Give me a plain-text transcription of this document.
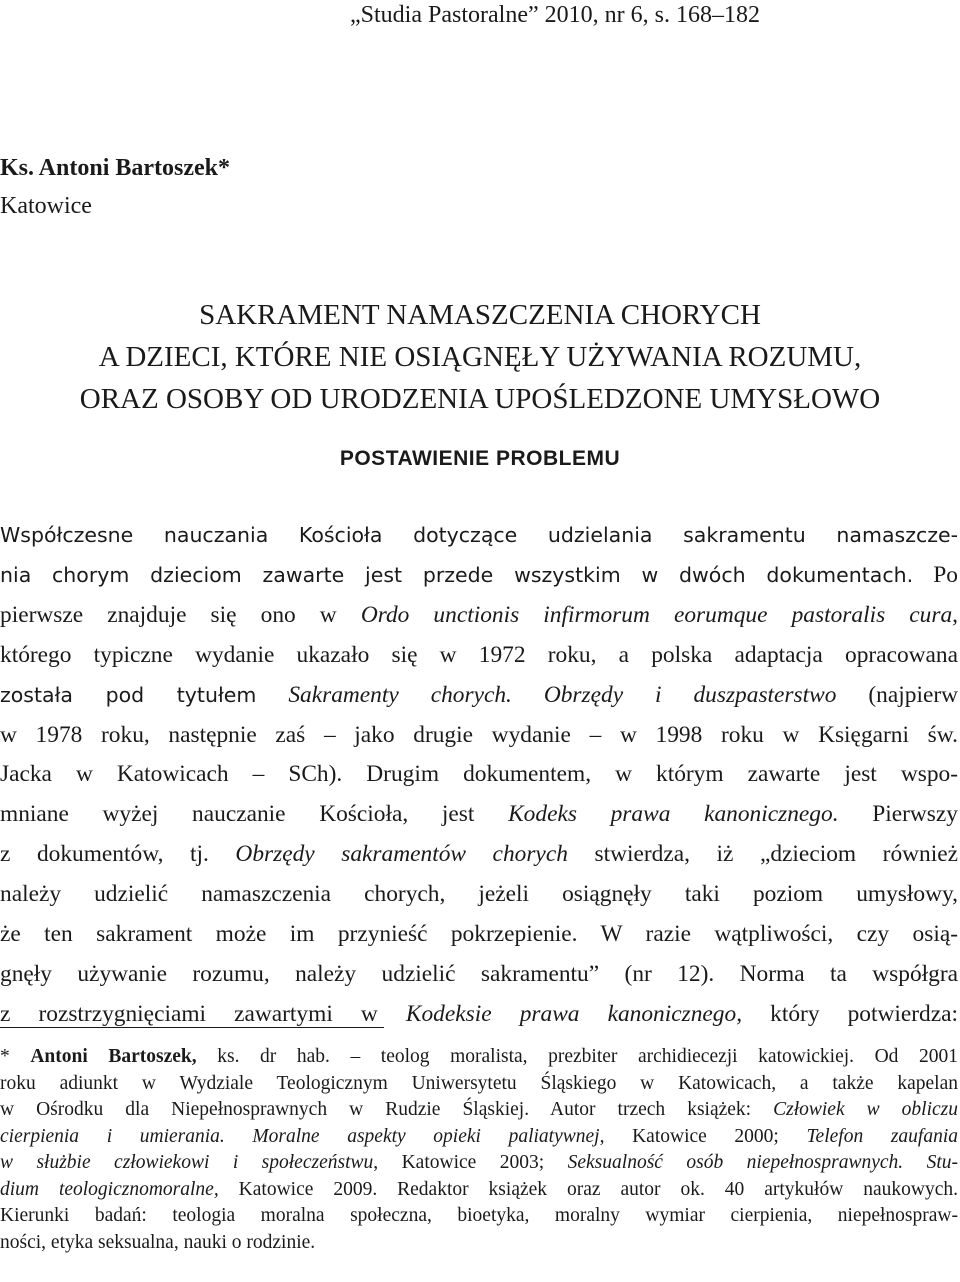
„Studia Pastoralne” 2010, nr 6, s. 168–182
Ks. Antoni Bartoszek*
Katowice
SAKRAMENT NAMASZCZENIA CHORYCH
A DZIECI, KTÓRE NIE OSIĄGNĘŁY UŻYWANIA ROZUMU,
ORAZ OSOBY OD URODZENIA UPOŚLEDZONE UMYSŁOWO
POSTAWIENIE PROBLEMU
Współczesne nauczania Kościoła dotyczące udzielania sakramentu namaszcze-
nia chorym dzieciom zawarte jest przede wszystkim w dwóch dokumentach. Po
pierwsze znajduje się ono w Ordo unctionis infirmorum eorumque pastoralis cura,
którego typiczne wydanie ukazało się w 1972 roku, a polska adaptacja opracowana
została pod tytułem Sakramenty chorych. Obrzędy i duszpasterstwo (najpierw
w 1978 roku, następnie zaś – jako drugie wydanie – w 1998 roku w Księgarni św.
Jacka w Katowicach – SCh). Drugim dokumentem, w którym zawarte jest wspo-
mniane wyżej nauczanie Kościoła, jest Kodeks prawa kanonicznego. Pierwszy
z dokumentów, tj. Obrzędy sakramentów chorych stwierdza, iż „dzieciom również
należy udzielić namaszczenia chorych, jeżeli osiągnęły taki poziom umysłowy,
że ten sakrament może im przynieść pokrzepienie. W razie wątpliwości, czy osią-
gnęły używanie rozumu, należy udzielić sakramentu” (nr 12). Norma ta współgra
z rozstrzygnięciami zawartymi w Kodeksie prawa kanonicznego, który potwierdza:
* Antoni Bartoszek, ks. dr hab. – teolog moralista, prezbiter archidiecezji katowickiej. Od 2001
roku adiunkt w Wydziale Teologicznym Uniwersytetu Śląskiego w Katowicach, a także kapelan
w Ośrodku dla Niepełnosprawnych w Rudzie Śląskiej. Autor trzech książek: Człowiek w obliczu
cierpienia i umierania. Moralne aspekty opieki paliatywnej, Katowice 2000; Telefon zaufania
w służbie człowiekowi i społeczeństwu, Katowice 2003; Seksualność osób niepełnosprawnych. Stu-
dium teologicznomoralne, Katowice 2009. Redaktor książek oraz autor ok. 40 artykułów naukowych.
Kierunki badań: teologia moralna społeczna, bioetyka, moralny wymiar cierpienia, niepełnospraw-
ności, etyka seksualna, nauki o rodzinie.
